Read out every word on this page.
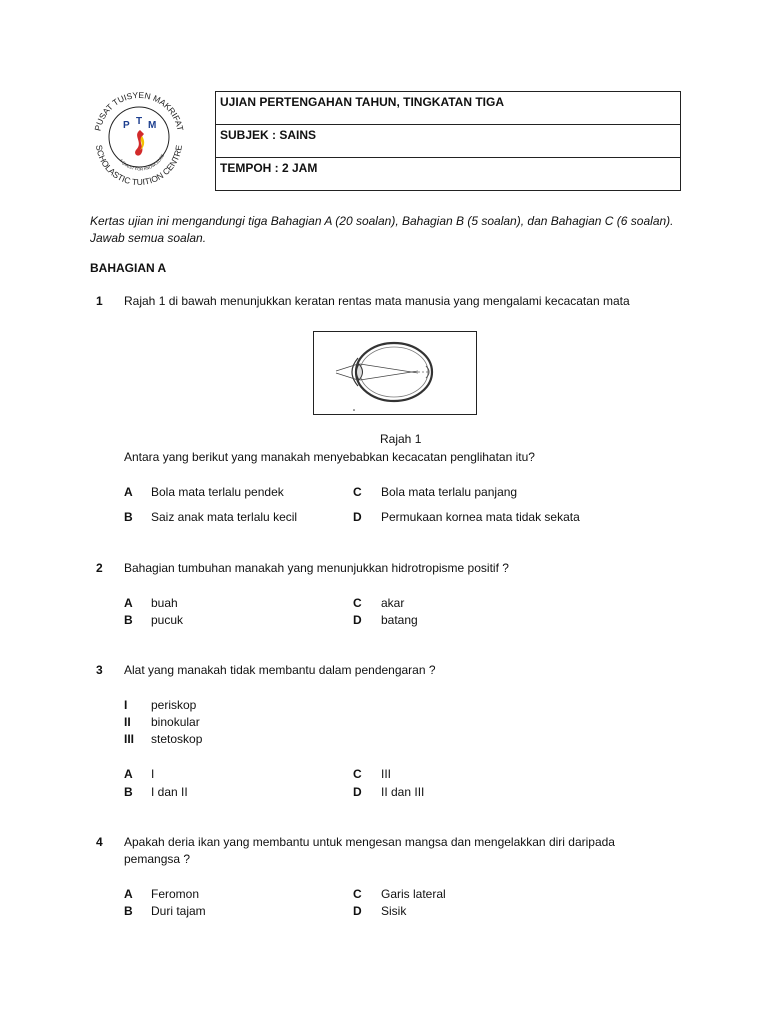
PUSAT TUISYEN MAKRIFAT
SCHOLASTIC TUITION CENTRE
A QUEST FOR KNOWLEDGE
P T M
UJIAN PERTENGAHAN TAHUN, TINGKATAN TIGA
SUBJEK : SAINS
TEMPOH : 2 JAM
Kertas ujian ini mengandungi tiga Bahagian A (20 soalan), Bahagian B (5 soalan), dan Bahagian C (6 soalan).
Jawab semua soalan.
BAHAGIAN A
1 Rajah 1 di bawah menunjukkan keratan rentas mata manusia yang mengalami kecacatan mata
Rajah 1
Antara yang berikut yang manakah menyebabkan kecacatan penglihatan itu?
A Bola mata terlalu pendek
B Saiz anak mata terlalu kecil
C Bola mata terlalu panjang
D Permukaan kornea mata tidak sekata
2 Bahagian tumbuhan manakah yang menunjukkan hidrotropisme positif ?
A buah
B pucuk
C akar
D batang
3 Alat yang manakah tidak membantu dalam pendengaran ?
I periskop
II binokular
III stetoskop
A I
B I dan II
C III
D II dan III
4 Apakah deria ikan yang membantu untuk mengesan mangsa dan mengelakkan diri daripada
pemangsa ?
A Feromon
B Duri tajam
C Garis lateral
D Sisik
